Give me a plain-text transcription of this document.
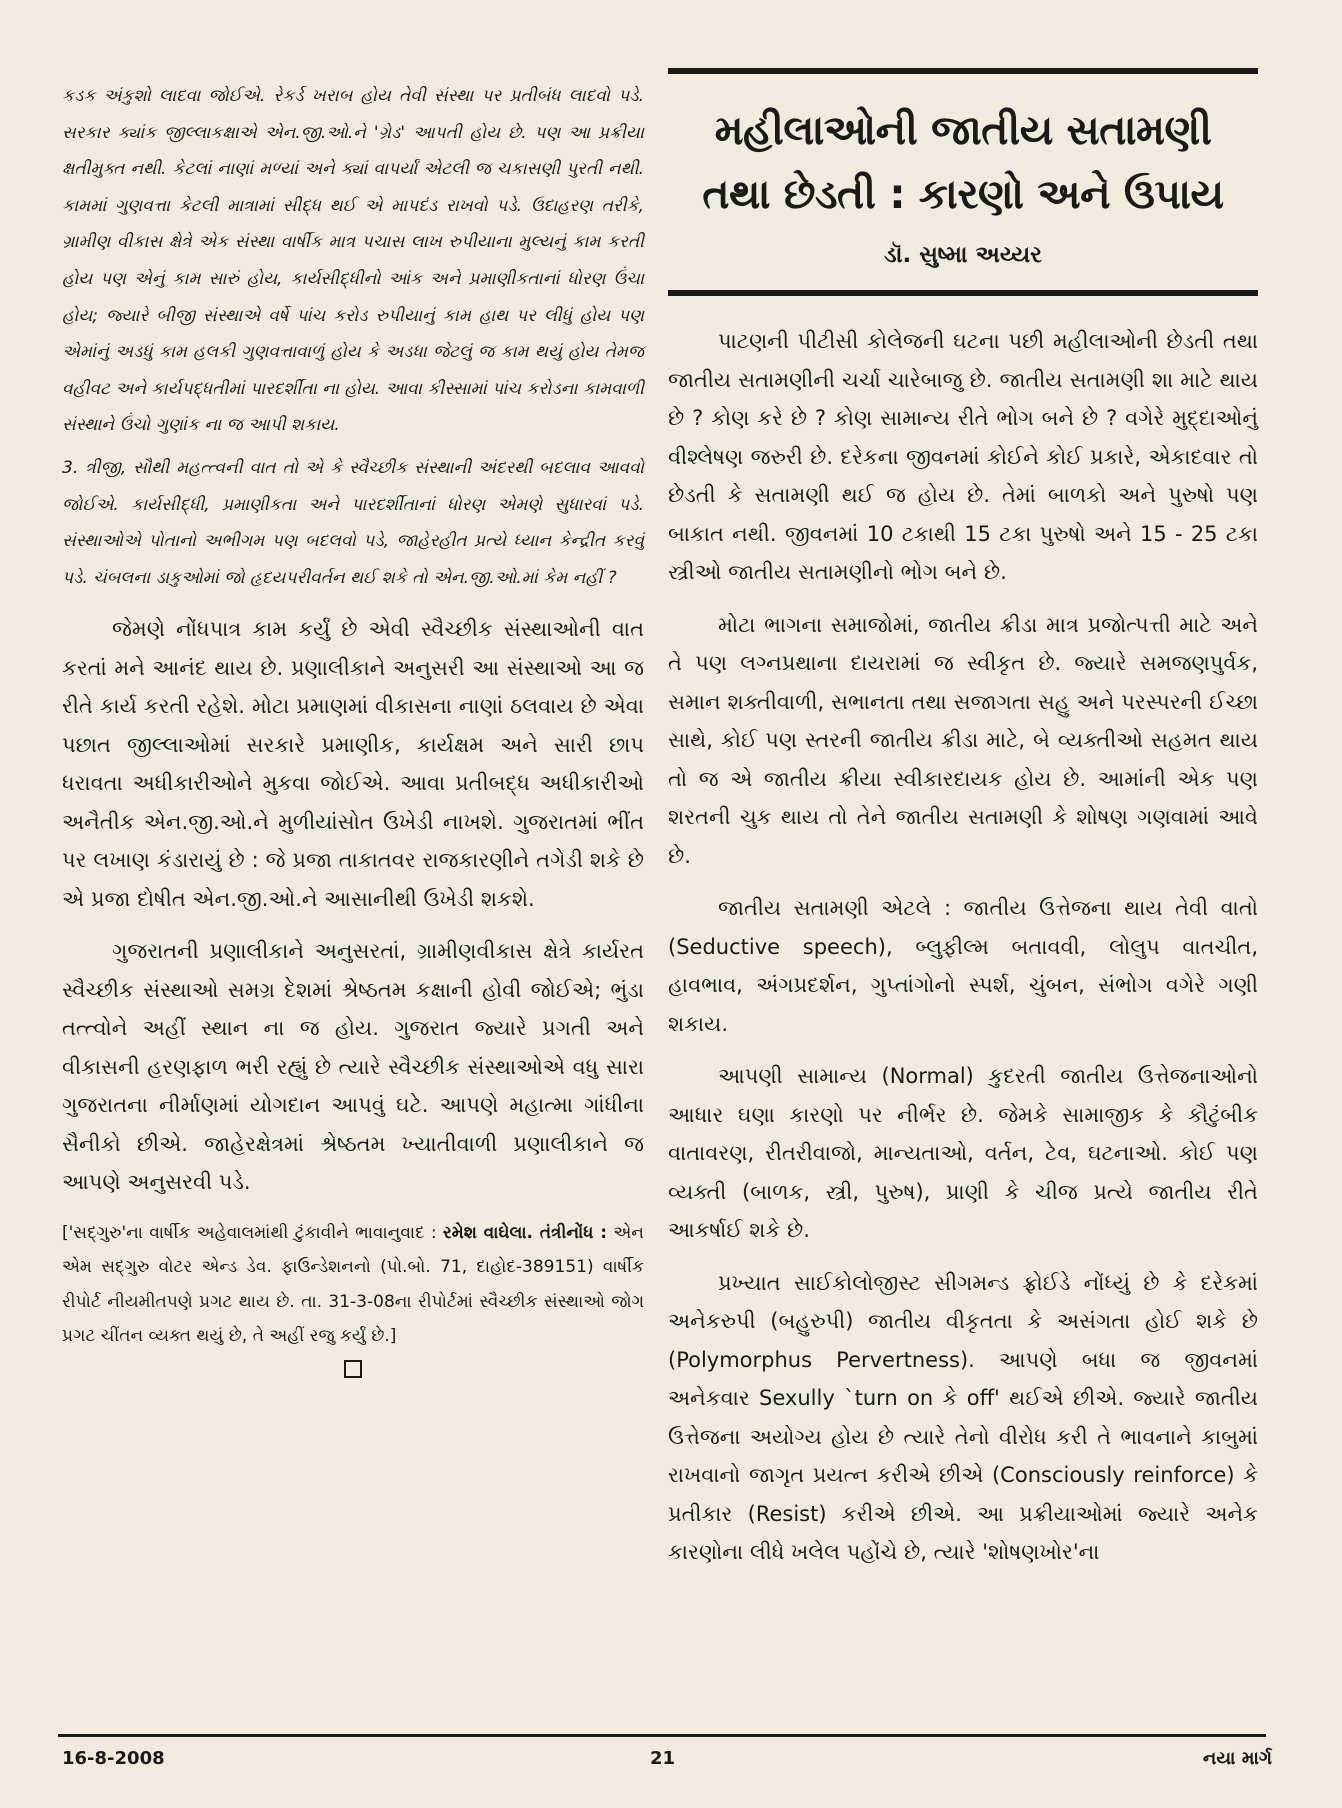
કડક અંકુશો લાદવા જોઈએ. રેકર્ડ ખરાબ હોય તેવી સંસ્થા પર પ્રતીબંધ લાદવો પડે. સરકાર ક્યાંક જીલ્લાકક્ષાએ એન.જી.ઓ.ને 'ગ્રેડ' આપતી હોય છે. પણ આ પ્રક્રીયા ક્ષતીમુક્ત નથી. કેટલાં નાણાં મળ્યાં અને ક્યાં વાપર્યાં એટલી જ ચકાસણી પુરતી નથી. કામમાં ગુણવત્તા કેટલી માત્રામાં સીદ્ધ થઈ એ માપદંડ રાખવો પડે. ઉદાહરણ તરીકે, ગ્રામીણ વીકાસ ક્ષેત્રે એક સંસ્થા વાર્ષીક માત્ર પચાસ લાખ રુપીયાના મુલ્યનું કામ કરતી હોય પણ એનું કામ સારું હોય, કાર્યસીદ્ધીનો આંક અને પ્રમાણીકતાનાં ધોરણ ઉંચા હોય; જ્યારે બીજી સંસ્થાએ વર્ષે પાંચ કરોડ રુપીયાનું કામ હાથ પર લીધું હોય પણ એમાંનું અડધું કામ હલકી ગુણવત્તાવાળું હોય કે અડધા જેટલું જ કામ થયું હોય તેમજ વહીવટ અને કાર્યપદ્ધતીમાં પારદર્શીતા ના હોય. આવા કીસ્સામાં પાંચ કરોડના કામવાળી સંસ્થાને ઉંચો ગુણાંક ના જ આપી શકાય.

3. ત્રીજી, સૌથી મહત્ત્વની વાત તો એ કે સ્વૈચ્છીક સંસ્થાની અંદરથી બદલાવ આવવો જોઈએ. કાર્યસીદ્ધી, પ્રમાણીકતા અને પારદર્શીતાનાં ધોરણ એમણે સુધારવાં પડે. સંસ્થાઓએ પોતાનો અભીગમ પણ બદલવો પડે, જાહેરહીત પ્રત્યે ધ્યાન કેન્દ્રીત કરવું પડે. ચંબલના ડાકુઓમાં જો હૃદયપરીવર્તન થઈ શકે તો એન.જી.ઓ.માં કેમ નહીં ?

જેમણે નોંધપાત્ર કામ કર્યું છે એવી સ્વૈચ્છીક સંસ્થાઓની વાત કરતાં મને આનંદ થાય છે. પ્રણાલીકાને અનુસરી આ સંસ્થાઓ આ જ રીતે કાર્ય કરતી રહેશે. મોટા પ્રમાણમાં વીકાસના નાણાં ઠલવાય છે એવા પછાત જીલ્લાઓમાં સરકારે પ્રમાણીક, કાર્યક્ષમ અને સારી છાપ ધરાવતા અધીકારીઓને મુકવા જોઈએ. આવા પ્રતીબદ્ધ અધીકારીઓ અનૈતીક એન.જી.ઓ.ને મુળીયાંસોત ઉખેડી નાખશે. ગુજરાતમાં ભીંત પર લખાણ કંડારાયું છે : જે પ્રજા તાકાતવર રાજકારણીને તગેડી શકે છે એ પ્રજા દોષીત એન.જી.ઓ.ને આસાનીથી ઉખેડી શકશે.

ગુજરાતની પ્રણાલીકાને અનુસરતાં, ગ્રામીણવીકાસ ક્ષેત્રે કાર્યરત સ્વૈચ્છીક સંસ્થાઓ સમગ્ર દેશમાં શ્રેષ્ઠતમ કક્ષાની હોવી જોઈએ; ભુંડા તત્ત્વોને અહીં સ્થાન ના જ હોય. ગુજરાત જ્યારે પ્રગતી અને વીકાસની હરણફાળ ભરી રહ્યું છે ત્યારે સ્વૈચ્છીક સંસ્થાઓએ વધુ સારા ગુજરાતના નીર્માણમાં યોગદાન આપવું ઘટે. આપણે મહાત્મા ગાંધીના સૈનીકો છીએ. જાહેરક્ષેત્રમાં શ્રેષ્ઠતમ ખ્યાતીવાળી પ્રણાલીકાને જ આપણે અનુસરવી પડે.

['સદ્ગુરુ'ના વાર્ષીક અહેવાલમાંથી ટુંકાવીને ભાવાનુવાદ : રમેશ વાઘેલા. તંત્રીનોંધ : એન એમ સદ્ગુરુ વોટર એન્ડ ડેવ. ફાઉન્ડેશનનો (પો.બો. 71, દાહોદ-389151) વાર્ષીક રીપોર્ટ નીયમીતપણે પ્રગટ થાય છે. તા. 31-3-08ના રીપોર્ટમાં સ્વૈચ્છીક સંસ્થાઓ જોગ પ્રગટ ચીંતન વ્યક્ત થયું છે, તે અહીં રજુ કર્યું છે.]

મહીલાઓની જાતીય સતામણી
તથા છેડતી : કારણો અને ઉપાય
ડૉ. સુષ્મા અય્યર

પાટણની પીટીસી કોલેજની ઘટના પછી મહીલાઓની છેડતી તથા જાતીય સતામણીની ચર્ચા ચારેબાજુ છે. જાતીય સતામણી શા માટે થાય છે ? કોણ કરે છે ? કોણ સામાન્ય રીતે ભોગ બને છે ? વગેરે મુદ્દાઓનું વીશ્લેષણ જરુરી છે. દરેકના જીવનમાં કોઈને કોઈ પ્રકારે, એકાદવાર તો છેડતી કે સતામણી થઈ જ હોય છે. તેમાં બાળકો અને પુરુષો પણ બાકાત નથી. જીવનમાં 10 ટકાથી 15 ટકા પુરુષો અને 15 - 25 ટકા સ્ત્રીઓ જાતીય સતામણીનો ભોગ બને છે.

મોટા ભાગના સમાજોમાં, જાતીય ક્રીડા માત્ર પ્રજોત્પત્તી માટે અને તે પણ લગ્નપ્રથાના દાયરામાં જ સ્વીકૃત છે. જ્યારે સમજણપુર્વક, સમાન શક્તીવાળી, સભાનતા તથા સજાગતા સહુ અને પરસ્પરની ઈચ્છા સાથે, કોઈ પણ સ્તરની જાતીય ક્રીડા માટે, બે વ્યક્તીઓ સહમત થાય તો જ એ જાતીય ક્રીયા સ્વીકારદાયક હોય છે. આમાંની એક પણ શરતની ચુક થાય તો તેને જાતીય સતામણી કે શોષણ ગણવામાં આવે છે.

જાતીય સતામણી એટલે : જાતીય ઉત્તેજના થાય તેવી વાતો (Seductive speech), બ્લુફીલ્મ બતાવવી, લોલુપ વાતચીત, હાવભાવ, અંગપ્રદર્શન, ગુપ્તાંગોનો સ્પર્શ, ચુંબન, સંભોગ વગેરે ગણી શકાય.

આપણી સામાન્ય (Normal) કુદરતી જાતીય ઉત્તેજનાઓનો આધાર ઘણા કારણો પર નીર્ભર છે. જેમકે સામાજીક કે કૌટુંબીક વાતાવરણ, રીતરીવાજો, માન્યતાઓ, વર્તન, ટેવ, ઘટનાઓ. કોઈ પણ વ્યક્તી (બાળક, સ્ત્રી, પુરુષ), પ્રાણી કે ચીજ પ્રત્યે જાતીય રીતે આકર્ષાઈ શકે છે.

પ્રખ્યાત સાઈકોલોજીસ્ટ સીગમન્ડ ફ્રોઈડે નોંધ્યું છે કે દરેકમાં અનેકરુપી (બહુરુપી) જાતીય વીકૃતતા કે અસંગતા હોઈ શકે છે (Polymorphus Pervertness). આપણે બધા જ જીવનમાં અનેકવાર Sexully `turn on કે off' થઈએ છીએ. જ્યારે જાતીય ઉત્તેજના અયોગ્ય હોય છે ત્યારે તેનો વીરોધ કરી તે ભાવનાને કાબુમાં રાખવાનો જાગૃત પ્રયત્ન કરીએ છીએ (Consciously reinforce) કે પ્રતીકાર (Resist) કરીએ છીએ. આ પ્રક્રીયાઓમાં જ્યારે અનેક કારણોના લીધે ખલેલ પહોંચે છે, ત્યારે 'શોષણખોર'ના

16-8-2008	21	નયા માર્ગ
